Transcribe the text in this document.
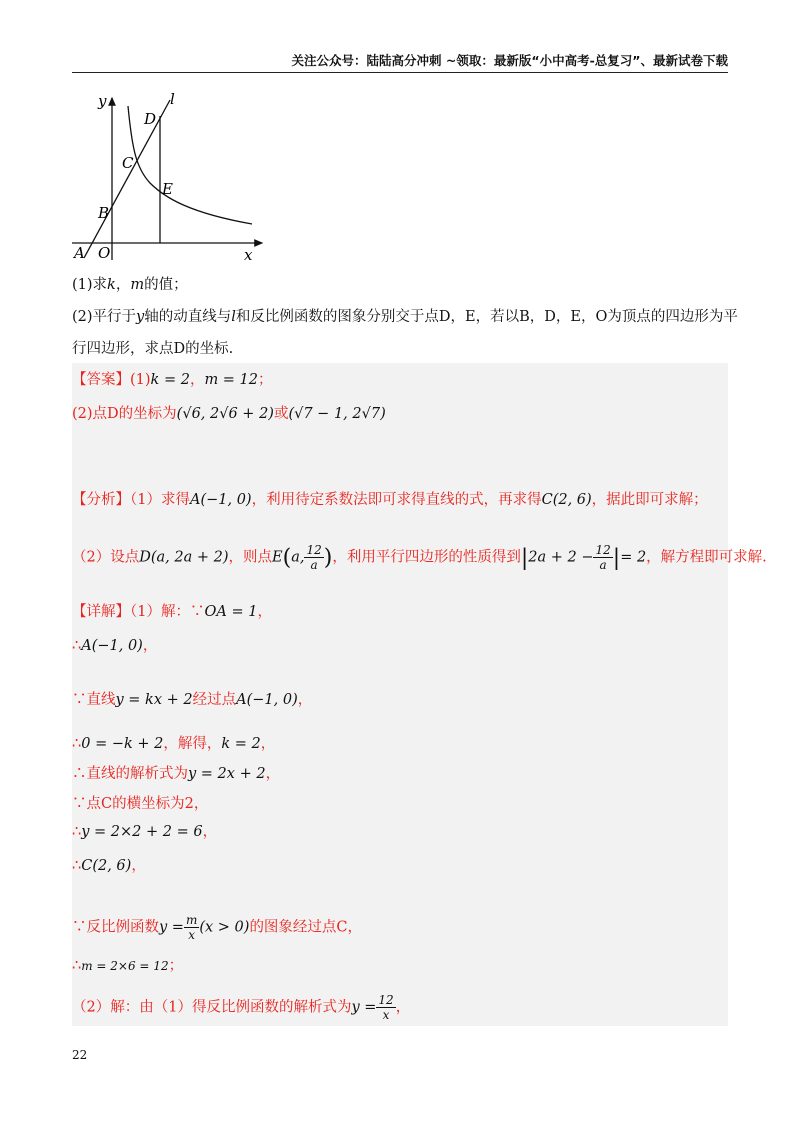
关注公众号：陆陆高分冲刺 ~领取：最新版“小中高考-总复习”、最新试卷下载
y	l
D
C
E
B
A O	x
(1)求k，m的值；
(2)平行于y轴的动直线与l和反比例函数的图象分别交于点D，E，若以B，D，E，O为顶点的四边形为平
行四边形，求点D的坐标.
【答案】(1)k = 2，m = 12；
(2)点D的坐标为(√6, 2√6 + 2)或(√7 − 1, 2√7)
【分析】（1）求得A(−1, 0)，利用待定系数法即可求得直线的式，再求得C(2, 6)，据此即可求解；
（2）设点D(a, 2a + 2)，则点E(a, $\frac{12}{a}$ )，利用平行四边形的性质得到$|2a + 2 - \frac{12}{a}$ |= 2，解方程即可求解.
【详解】（1）解：∵OA = 1，
∴A(−1, 0)，
∵直线y = kx + 2经过点A(−1, 0)，
∴0 = −k + 2，解得，k = 2，
∴直线的解析式为y = 2x + 2，
∵点C的横坐标为2，
∴y = 2×2 + 2 = 6，
∴C(2, 6)，
∵反比例函数$y = \frac{m}{x} (x > 0)$的图象经过点C，
∴m = 2×6 = 12；
（2）解：由（1）得反比例函数的解析式为$y = \frac{12}{x}$ ，
22
